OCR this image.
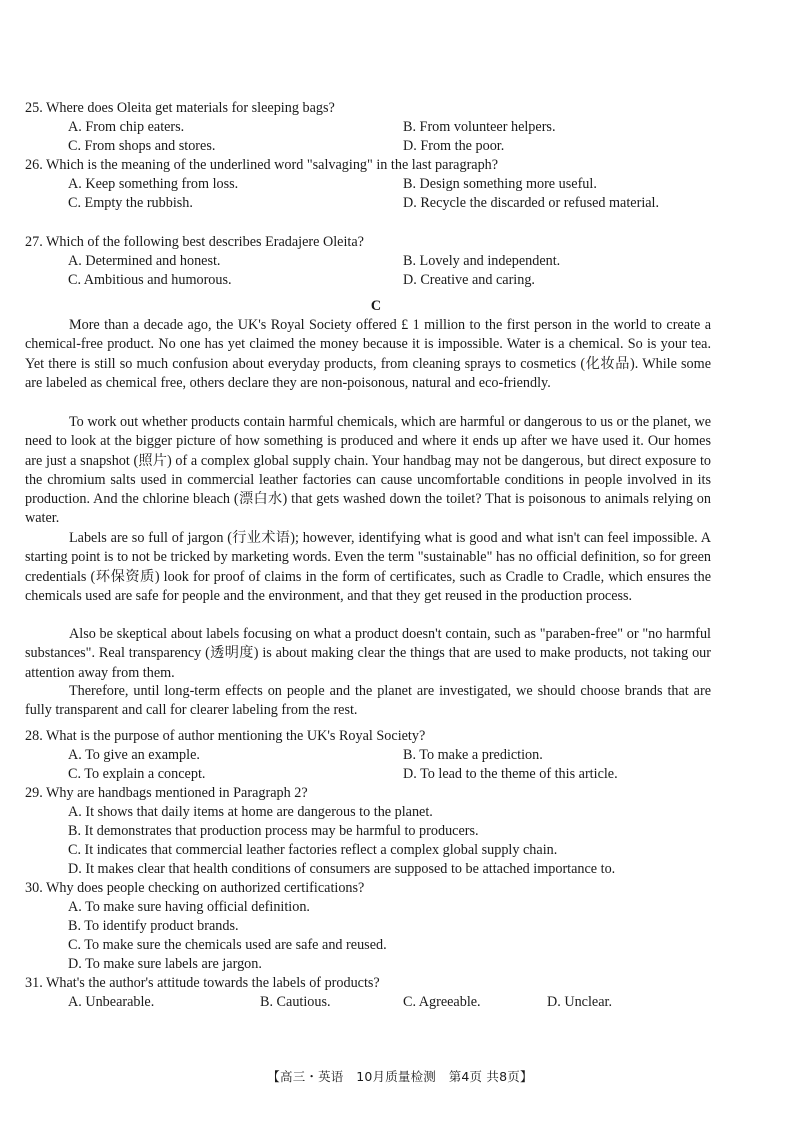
25. Where does Oleita get materials for sleeping bags?
A. From chip eaters.	B. From volunteer helpers.
C. From shops and stores.	D. From the poor.
26. Which is the meaning of the underlined word "salvaging" in the last paragraph?
A. Keep something from loss.	B. Design something more useful.
C. Empty the rubbish.	D. Recycle the discarded or refused material.
27. Which of the following best describes Eradajere Oleita?
A. Determined and honest.	B. Lovely and independent.
C. Ambitious and humorous.	D. Creative and caring.
C
More than a decade ago, the UK's Royal Society offered £ 1 million to the first person in the world to create a chemical-free product. No one has yet claimed the money because it is impossible. Water is a chemical. So is your tea. Yet there is still so much confusion about everyday products, from cleaning sprays to cosmetics (化妆品). While some are labeled as chemical free, others declare they are non-poisonous, natural and eco-friendly.
To work out whether products contain harmful chemicals, which are harmful or dangerous to us or the planet, we need to look at the bigger picture of how something is produced and where it ends up after we have used it. Our homes are just a snapshot (照片) of a complex global supply chain. Your handbag may not be dangerous, but direct exposure to the chromium salts used in commercial leather factories can cause uncomfortable conditions in people involved in its production. And the chlorine bleach (漂白水) that gets washed down the toilet? That is poisonous to animals relying on water.
Labels are so full of jargon (行业术语); however, identifying what is good and what isn't can feel impossible. A starting point is to not be tricked by marketing words. Even the term "sustainable" has no official definition, so for green credentials (环保资质) look for proof of claims in the form of certificates, such as Cradle to Cradle, which ensures the chemicals used are safe for people and the environment, and that they get reused in the production process.
Also be skeptical about labels focusing on what a product doesn't contain, such as "paraben-free" or "no harmful substances". Real transparency (透明度) is about making clear the things that are used to make products, not taking our attention away from them.
Therefore, until long-term effects on people and the planet are investigated, we should choose brands that are fully transparent and call for clearer labeling from the rest.
28. What is the purpose of author mentioning the UK's Royal Society?
A. To give an example.	B. To make a prediction.
C. To explain a concept.	D. To lead to the theme of this article.
29. Why are handbags mentioned in Paragraph 2?
A. It shows that daily items at home are dangerous to the planet.
B. It demonstrates that production process may be harmful to producers.
C. It indicates that commercial leather factories reflect a complex global supply chain.
D. It makes clear that health conditions of consumers are supposed to be attached importance to.
30. Why does people checking on authorized certifications?
A. To make sure having official definition.
B. To identify product brands.
C. To make sure the chemicals used are safe and reused.
D. To make sure labels are jargon.
31. What's the author's attitude towards the labels of products?
A. Unbearable.	B. Cautious.	C. Agreeable.	D. Unclear.
【高三・英语　10月质量检测　第4页 共8页】
